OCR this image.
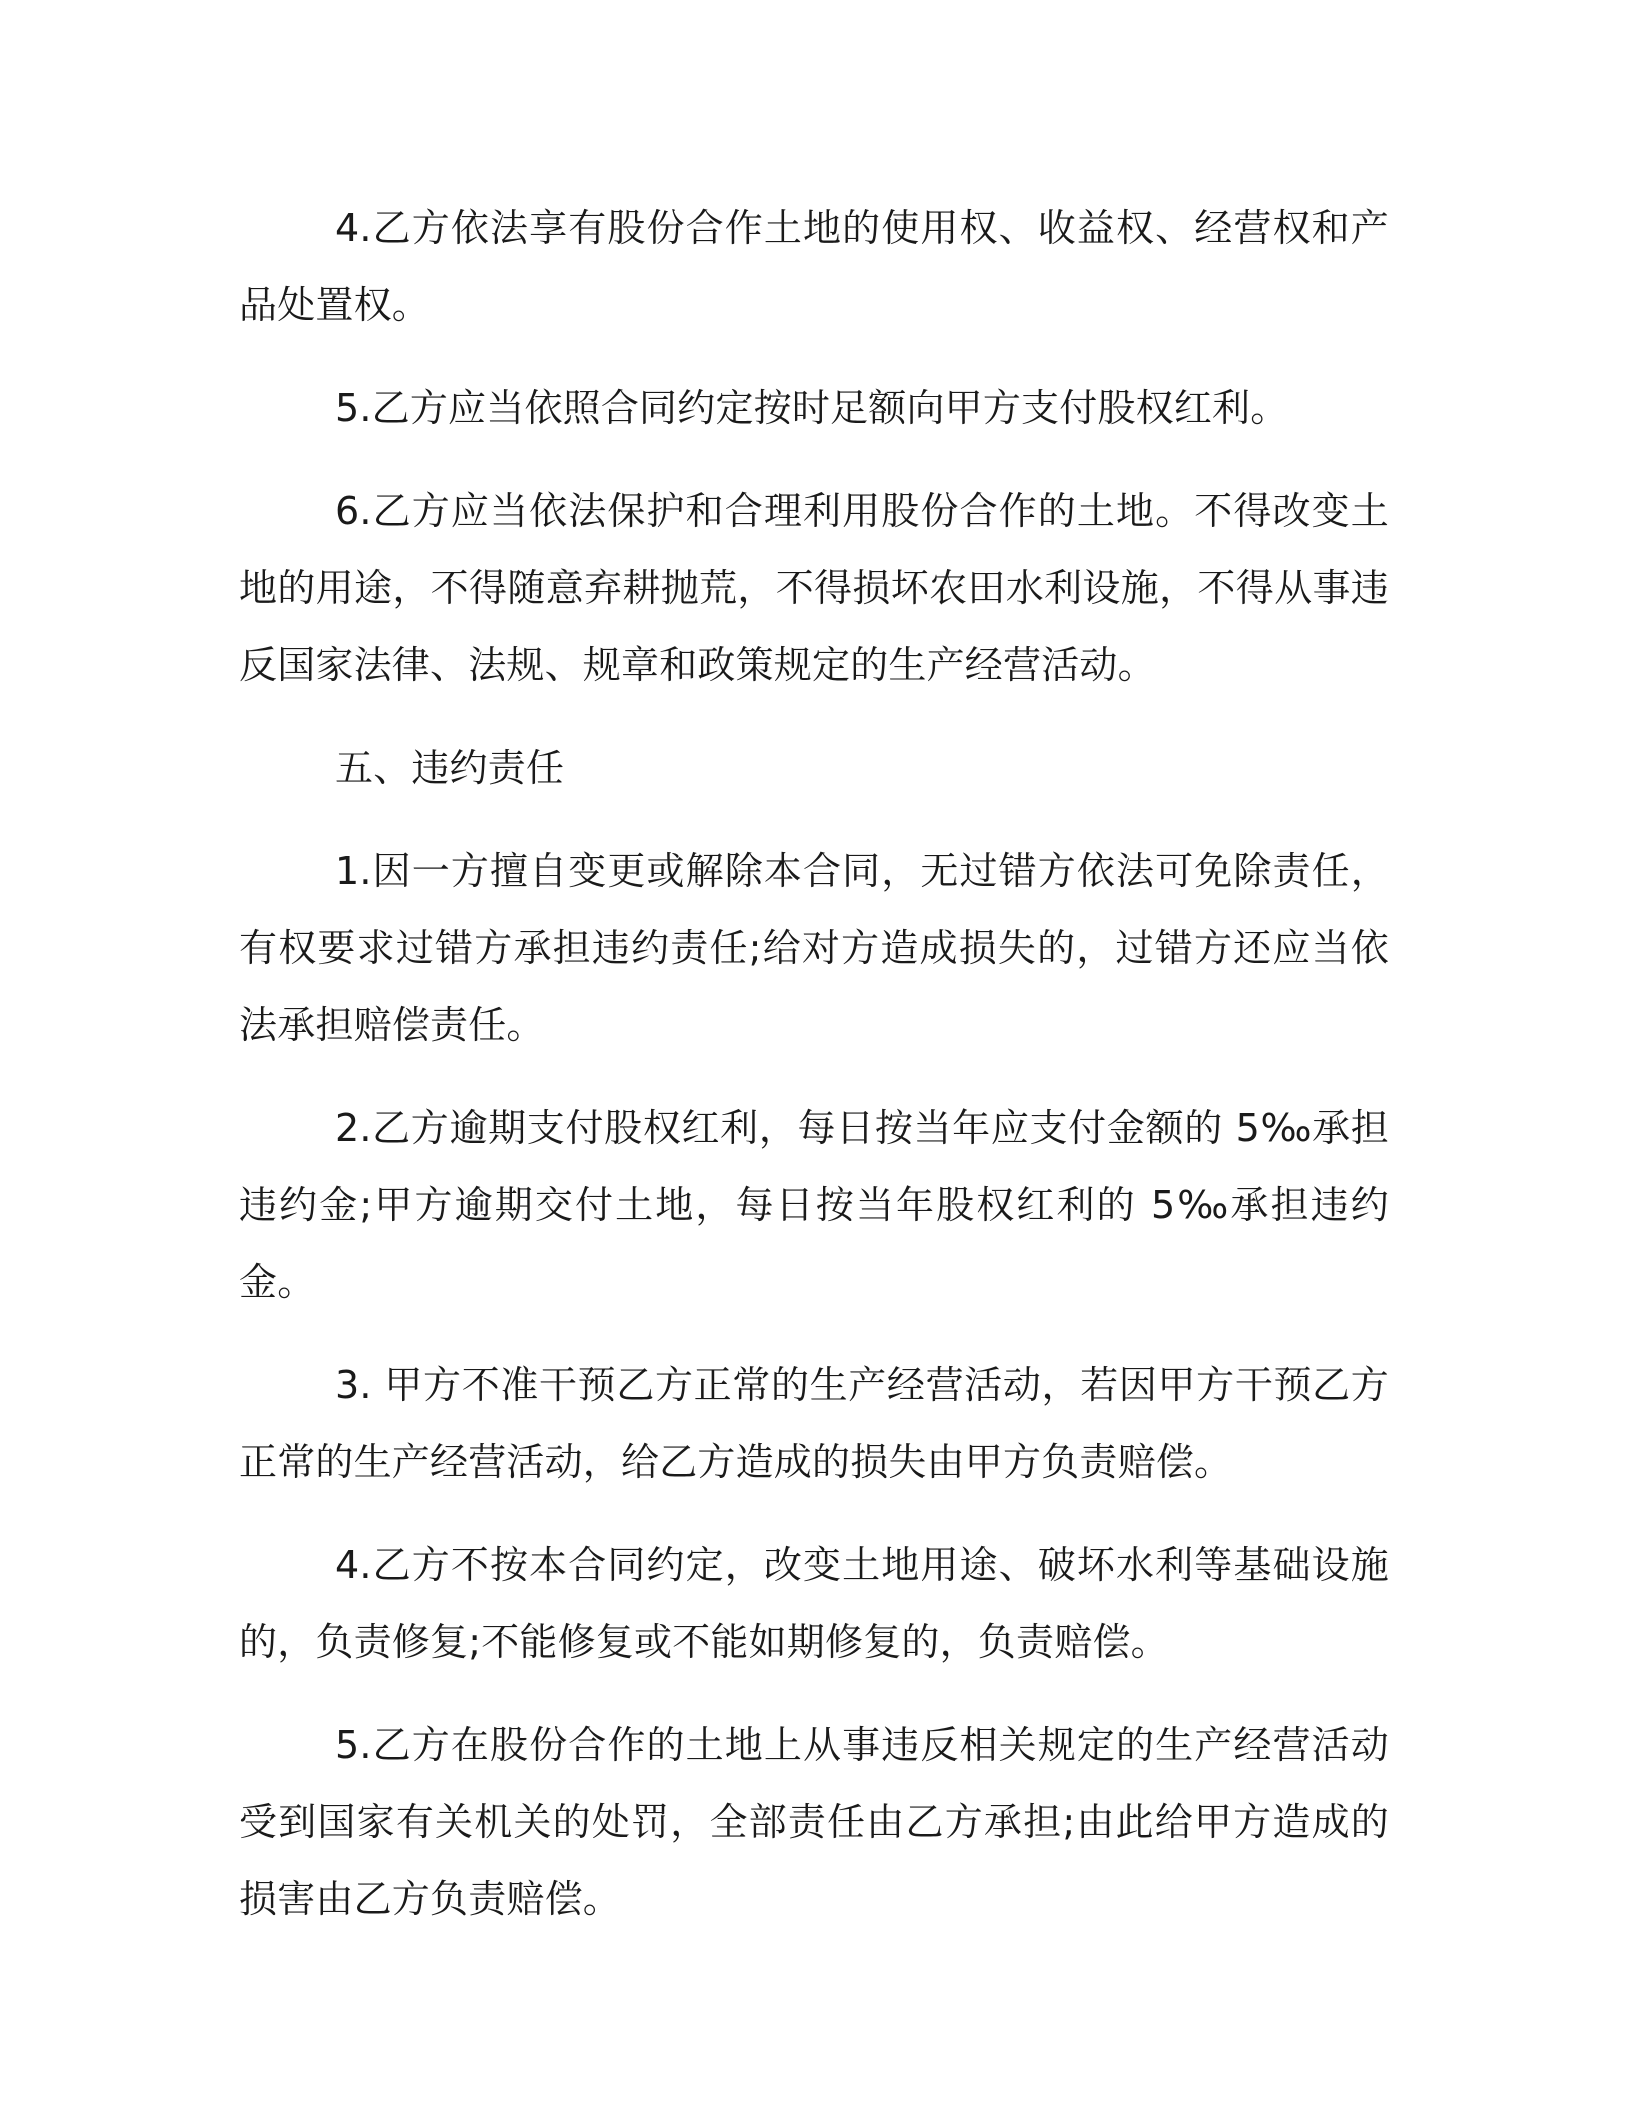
4.乙方依法享有股份合作土地的使用权、收益权、经营权和产品处置权。

5.乙方应当依照合同约定按时足额向甲方支付股权红利。

6.乙方应当依法保护和合理利用股份合作的土地。不得改变土地的用途，不得随意弃耕抛荒，不得损坏农田水利设施，不得从事违反国家法律、法规、规章和政策规定的生产经营活动。

五、违约责任

1.因一方擅自变更或解除本合同，无过错方依法可免除责任，有权要求过错方承担违约责任;给对方造成损失的，过错方还应当依法承担赔偿责任。

2.乙方逾期支付股权红利，每日按当年应支付金额的 5‰承担违约金;甲方逾期交付土地，每日按当年股权红利的 5‰承担违约金。

3. 甲方不准干预乙方正常的生产经营活动，若因甲方干预乙方正常的生产经营活动，给乙方造成的损失由甲方负责赔偿。

4.乙方不按本合同约定，改变土地用途、破坏水利等基础设施的，负责修复;不能修复或不能如期修复的，负责赔偿。

5.乙方在股份合作的土地上从事违反相关规定的生产经营活动受到国家有关机关的处罚，全部责任由乙方承担;由此给甲方造成的损害由乙方负责赔偿。
